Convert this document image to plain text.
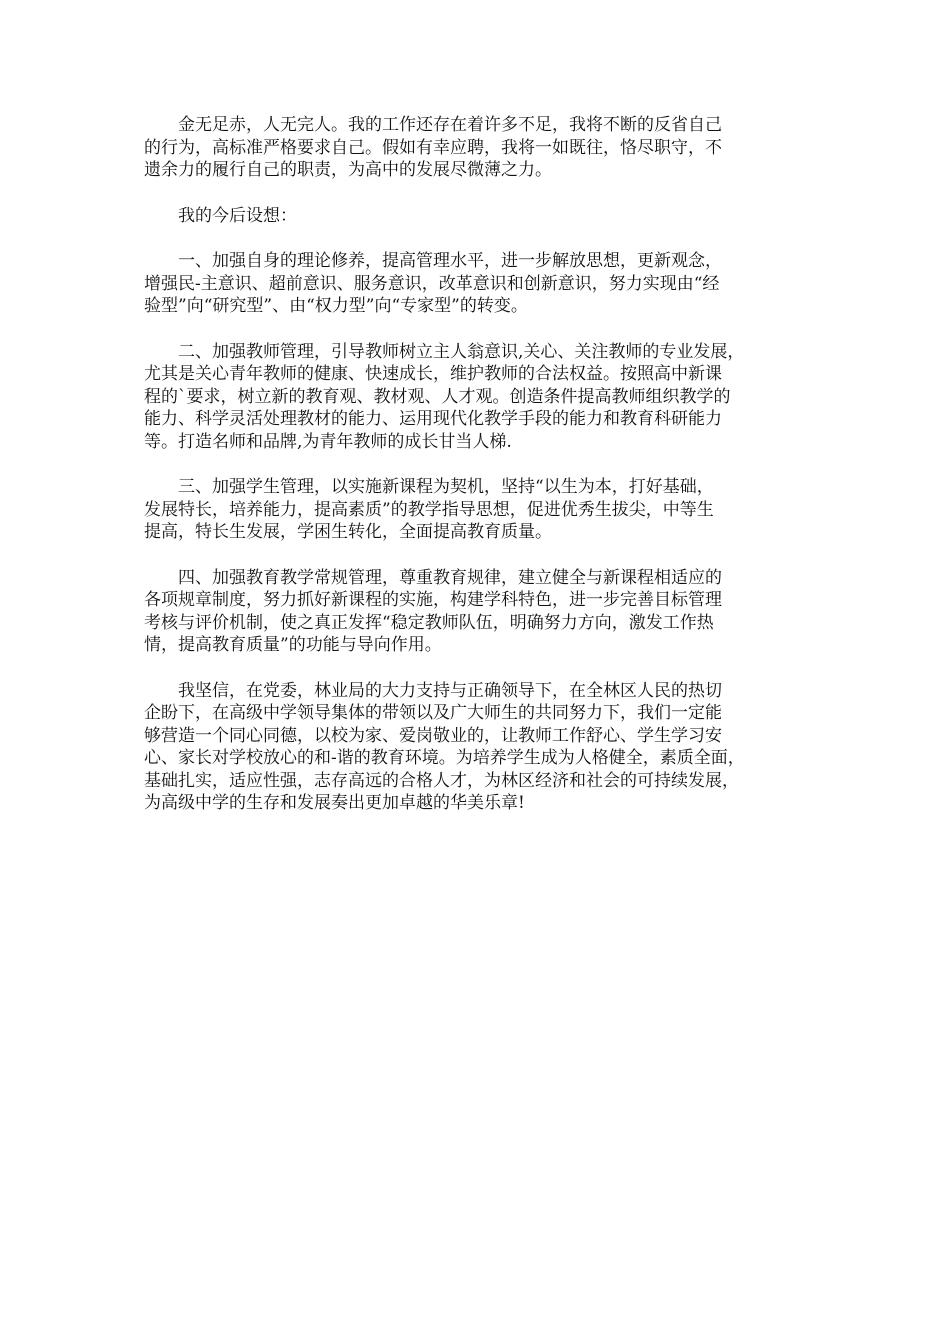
金无足赤，人无完人。我的工作还存在着许多不足，我将不断的反省自己
的行为，高标准严格要求自己。假如有幸应聘，我将一如既往，恪尽职守，不
遗余力的履行自己的职责，为高中的发展尽微薄之力。

我的今后设想：

一、加强自身的理论修养，提高管理水平，进一步解放思想，更新观念，
增强民-主意识、超前意识、服务意识，改革意识和创新意识，努力实现由“经
验型”向“研究型”、由“权力型”向“专家型”的转变。

二、加强教师管理，引导教师树立主人翁意识,关心、关注教师的专业发展，
尤其是关心青年教师的健康、快速成长，维护教师的合法权益。按照高中新课
程的`要求，树立新的教育观、教材观、人才观。创造条件提高教师组织教学的
能力、科学灵活处理教材的能力、运用现代化教学手段的能力和教育科研能力
等。打造名师和品牌,为青年教师的成长甘当人梯.

三、加强学生管理，以实施新课程为契机，坚持“以生为本，打好基础，
发展特长，培养能力，提高素质”的教学指导思想，促进优秀生拔尖，中等生
提高，特长生发展，学困生转化，全面提高教育质量。

四、加强教育教学常规管理，尊重教育规律，建立健全与新课程相适应的
各项规章制度，努力抓好新课程的实施，构建学科特色，进一步完善目标管理
考核与评价机制，使之真正发挥“稳定教师队伍，明确努力方向，激发工作热
情，提高教育质量”的功能与导向作用。

我坚信，在党委，林业局的大力支持与正确领导下，在全林区人民的热切
企盼下，在高级中学领导集体的带领以及广大师生的共同努力下，我们一定能
够营造一个同心同德，以校为家、爱岗敬业的，让教师工作舒心、学生学习安
心、家长对学校放心的和-谐的教育环境。为培养学生成为人格健全，素质全面，
基础扎实，适应性强，志存高远的合格人才，为林区经济和社会的可持续发展，
为高级中学的生存和发展奏出更加卓越的华美乐章!
